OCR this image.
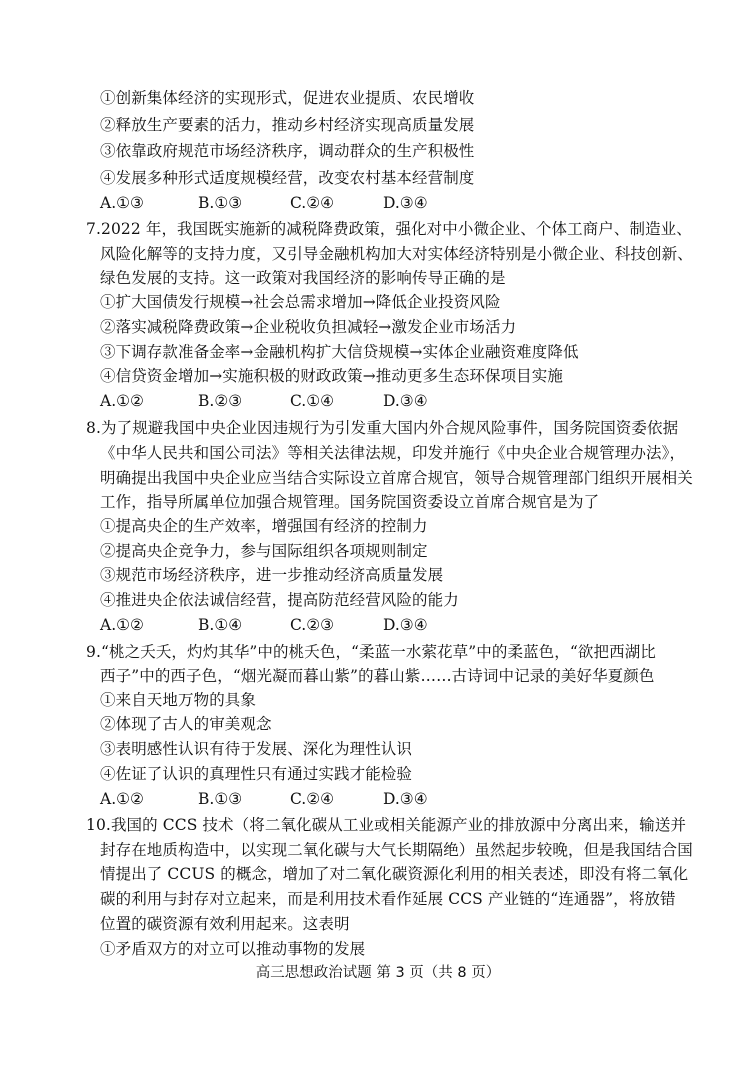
①创新集体经济的实现形式，促进农业提质、农民增收
②释放生产要素的活力，推动乡村经济实现高质量发展
③依靠政府规范市场经济秩序，调动群众的生产积极性
④发展多种形式适度规模经营，改变农村基本经营制度
A.①③	B.①③	C.②④	D.③④
7.2022 年，我国既实施新的减税降费政策，强化对中小微企业、个体工商户、制造业、
风险化解等的支持力度，又引导金融机构加大对实体经济特别是小微企业、科技创新、
绿色发展的支持。这一政策对我国经济的影响传导正确的是
①扩大国债发行规模→社会总需求增加→降低企业投资风险
②落实减税降费政策→企业税收负担减轻→激发企业市场活力
③下调存款准备金率→金融机构扩大信贷规模→实体企业融资难度降低
④信贷资金增加→实施积极的财政政策→推动更多生态环保项目实施
A.①②	B.②③	C.①④	D.③④
8.为了规避我国中央企业因违规行为引发重大国内外合规风险事件，国务院国资委依据
《中华人民共和国公司法》等相关法律法规，印发并施行《中央企业合规管理办法》，
明确提出我国中央企业应当结合实际设立首席合规官，领导合规管理部门组织开展相关
工作，指导所属单位加强合规管理。国务院国资委设立首席合规官是为了
①提高央企的生产效率，增强国有经济的控制力
②提高央企竞争力，参与国际组织各项规则制定
③规范市场经济秩序，进一步推动经济高质量发展
④推进央企依法诚信经营，提高防范经营风险的能力
A.①②	B.①④	C.②③	D.③④
9.“桃之夭夭，灼灼其华”中的桃夭色，“柔蓝一水萦花草”中的柔蓝色，“欲把西湖比
西子”中的西子色，“烟光凝而暮山紫”的暮山紫……古诗词中记录的美好华夏颜色
①来自天地万物的具象
②体现了古人的审美观念
③表明感性认识有待于发展、深化为理性认识
④佐证了认识的真理性只有通过实践才能检验
A.①②	B.①③	C.②④	D.③④
10.我国的 CCS 技术（将二氧化碳从工业或相关能源产业的排放源中分离出来，输送并
封存在地质构造中，以实现二氧化碳与大气长期隔绝）虽然起步较晚，但是我国结合国
情提出了 CCUS 的概念，增加了对二氧化碳资源化利用的相关表述，即没有将二氧化
碳的利用与封存对立起来，而是利用技术看作延展 CCS 产业链的“连通器”，将放错
位置的碳资源有效利用起来。这表明
①矛盾双方的对立可以推动事物的发展
高三思想政治试题 第 3 页（共 8 页）
